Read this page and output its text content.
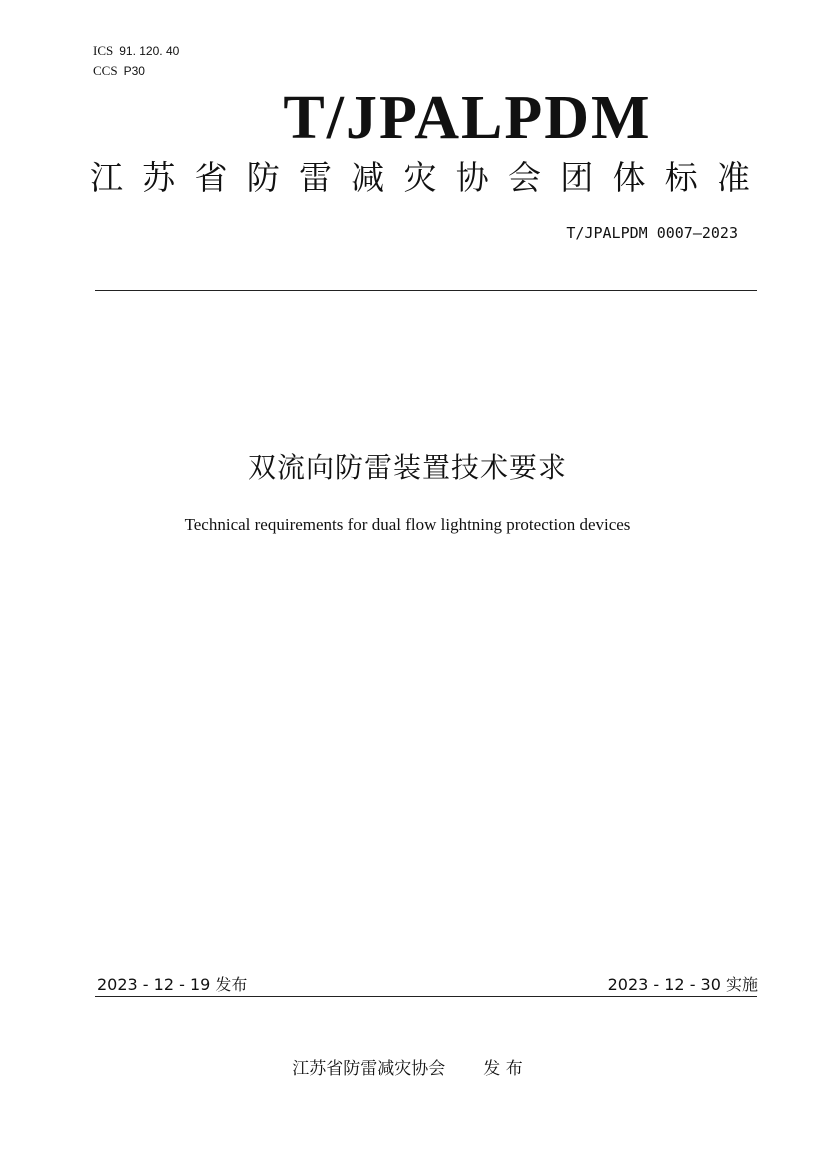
ICS 91. 120. 40
CCS P30
T/JPALPDM
江 苏 省 防 雷 减 灾 协 会 团 体 标 准
T/JPALPDM 0007—2023
双流向防雷装置技术要求
Technical requirements for dual flow lightning protection devices
2023 - 12 - 19 发布	2023 - 12 - 30 实施
江苏省防雷减灾协会 发 布
